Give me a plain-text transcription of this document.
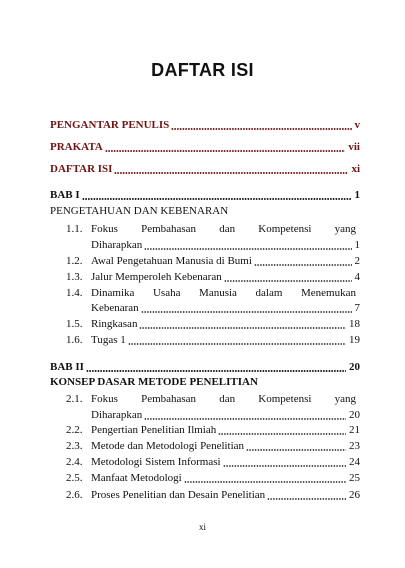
DAFTAR ISI
PENGANTAR PENULIS	v
PRAKATA	vii
DAFTAR ISI	xi
BAB I	1
PENGETAHUAN DAN KEBENARAN
1.1. Fokus Pembahasan dan Kompetensi yang
Diharapkan	1
1.2. Awal Pengetahuan Manusia di Bumi	2
1.3. Jalur Memperoleh Kebenaran	4
1.4. Dinamika Usaha Manusia dalam Menemukan
Kebenaran	7
1.5. Ringkasan	18
1.6. Tugas 1	19
BAB II	20
KONSEP DASAR METODE PENELITIAN
2.1. Fokus Pembahasan dan Kompetensi yang
Diharapkan	20
2.2. Pengertian Penelitian Ilmiah	21
2.3. Metode dan Metodologi Penelitian	23
2.4. Metodologi Sistem Informasi	24
2.5. Manfaat Metodologi	25
2.6. Proses Penelitian dan Desain Penelitian	26
xi
